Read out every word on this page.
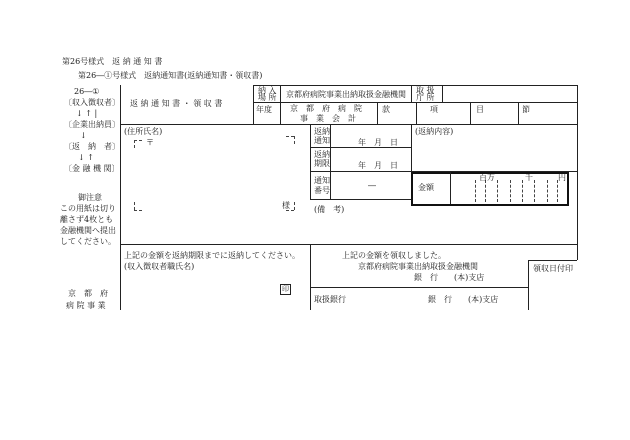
第26号様式　返 納 通 知 書
第26―①号様式　返納通知書(返納通知書・領収書)
26―①
〔収入徴収者〕
↓ ↑ |
〔企業出納員〕
↓
〔返　納　者〕
↓ ↑
〔金 融 機 関〕
御注意
この用紙は切り
離さず4枚とも
金融機関へ提出
してください。
京　都　府
病 院 事 業
返 納 通 知 書 ・ 領 収 書
納 入
場 所 京都府病院事業出納取扱金融機関 取 扱
庁 所
年度 京　都　府　病　院
事　業　会　計
款	項	目	節
(住所氏名)
〒
様
返納
通知	年　月　日
返納
期限	年　月　日
通知
番号
―
(返納内容)
金額
百万	千	円
(備　考)
上記の金額を返納期限までに返納してください。
(収入徴収者職氏名)
印
上記の金額を領収しました。
京都府病院事業出納取扱金融機関
銀　行　　(本)支店
領収日付印
取扱銀行	銀　行　　(本)支店
